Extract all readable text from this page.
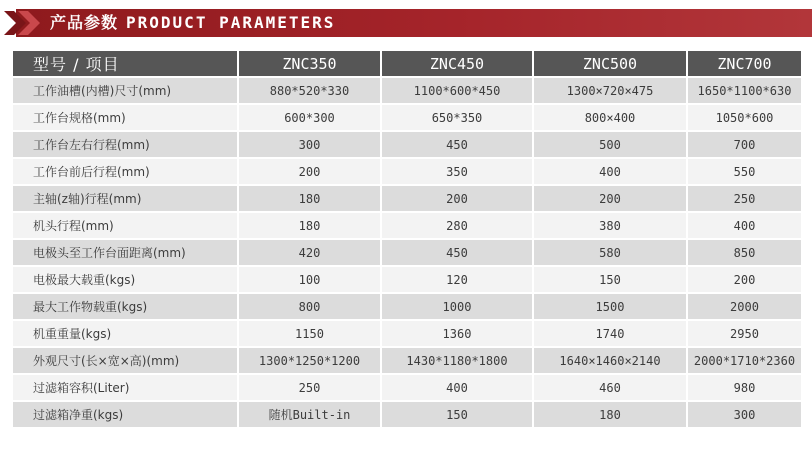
产品参数 PRODUCT PARAMETERS
型号 / 项目	ZNC350	ZNC450	ZNC500	ZNC700
工作油槽(内槽)尺寸(mm)	880*520*330	1100*600*450	1300×720×475	1650*1100*630
工作台规格(mm)	600*300	650*350	800×400	1050*600
工作台左右行程(mm)	300	450	500	700
工作台前后行程(mm)	200	350	400	550
主轴(z轴)行程(mm)	180	200	200	250
机头行程(mm)	180	280	380	400
电极头至工作台面距离(mm)	420	450	580	850
电极最大载重(kgs)	100	120	150	200
最大工作物载重(kgs)	800	1000	1500	2000
机重重量(kgs)	1150	1360	1740	2950
外观尺寸(长×宽×高)(mm)	1300*1250*1200	1430*1180*1800	1640×1460×2140	2000*1710*2360
过滤箱容积(Liter)	250	400	460	980
过滤箱净重(kgs)	随机Built-in	150	180	300
